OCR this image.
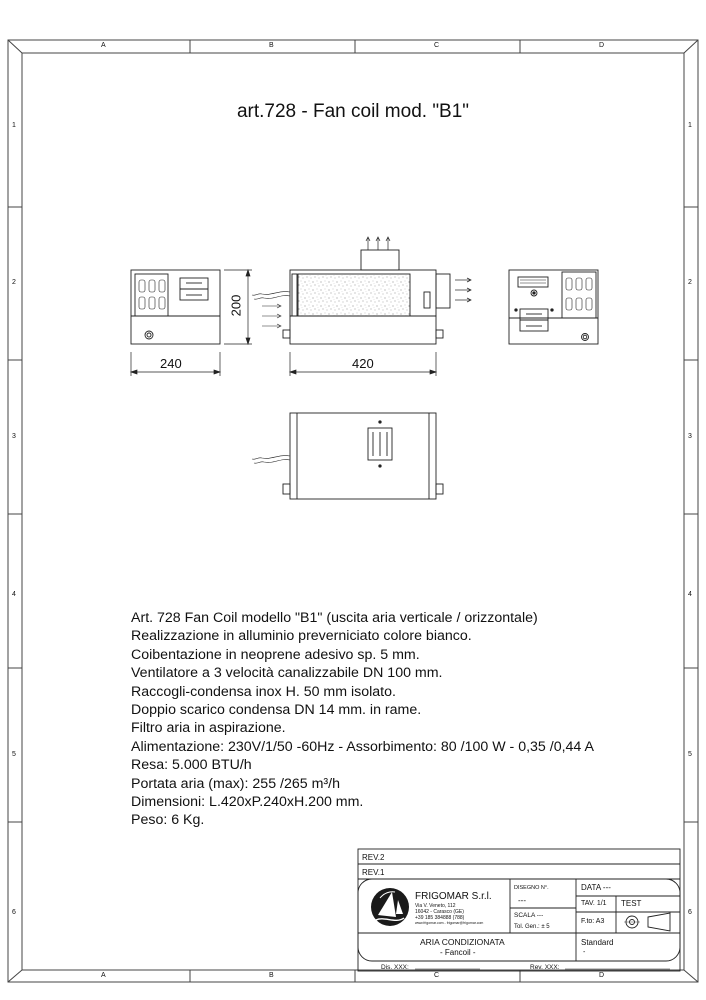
A	B	C	D
A	B	C	D
1
2
3
4
5
6
1
2
3
4
5
6
art.728 - Fan coil mod. "B1"
240
200
420
Art. 728 Fan Coil modello "B1" (uscita aria verticale / orizzontale)
Realizzazione in alluminio preverniciato colore bianco.
Coibentazione in neoprene adesivo sp. 5 mm.
Ventilatore a 3 velocità canalizzabile DN 100 mm.
Raccogli-condensa inox H. 50 mm isolato.
Doppio scarico condensa DN 14 mm. in rame.
Filtro aria in aspirazione.
Alimentazione: 230V/1/50 -60Hz - Assorbimento: 80 /100 W - 0,35 /0,44 A
Resa: 5.000 BTU/h
Portata aria (max): 255 /265 m³/h
Dimensioni: L.420xP.240xH.200 mm.
Peso: 6 Kg.
REV.2
REV.1
FRIGOMAR S.r.l.
Via V. Veneto, 112
16042 - Carasco (GE)
+39 185 384888 (788)
www.frigomar.com - frigomar@frigomar.com
DISEGNO N°.
---
SCALA ---
Tol. Gen.: ± 5
DATA ---
TAV. 1/1 TEST
F.to: A3
ARIA CONDIZIONATA
- Fancoil -
Standard
-
Dis. XXX:	Rev. XXX:
